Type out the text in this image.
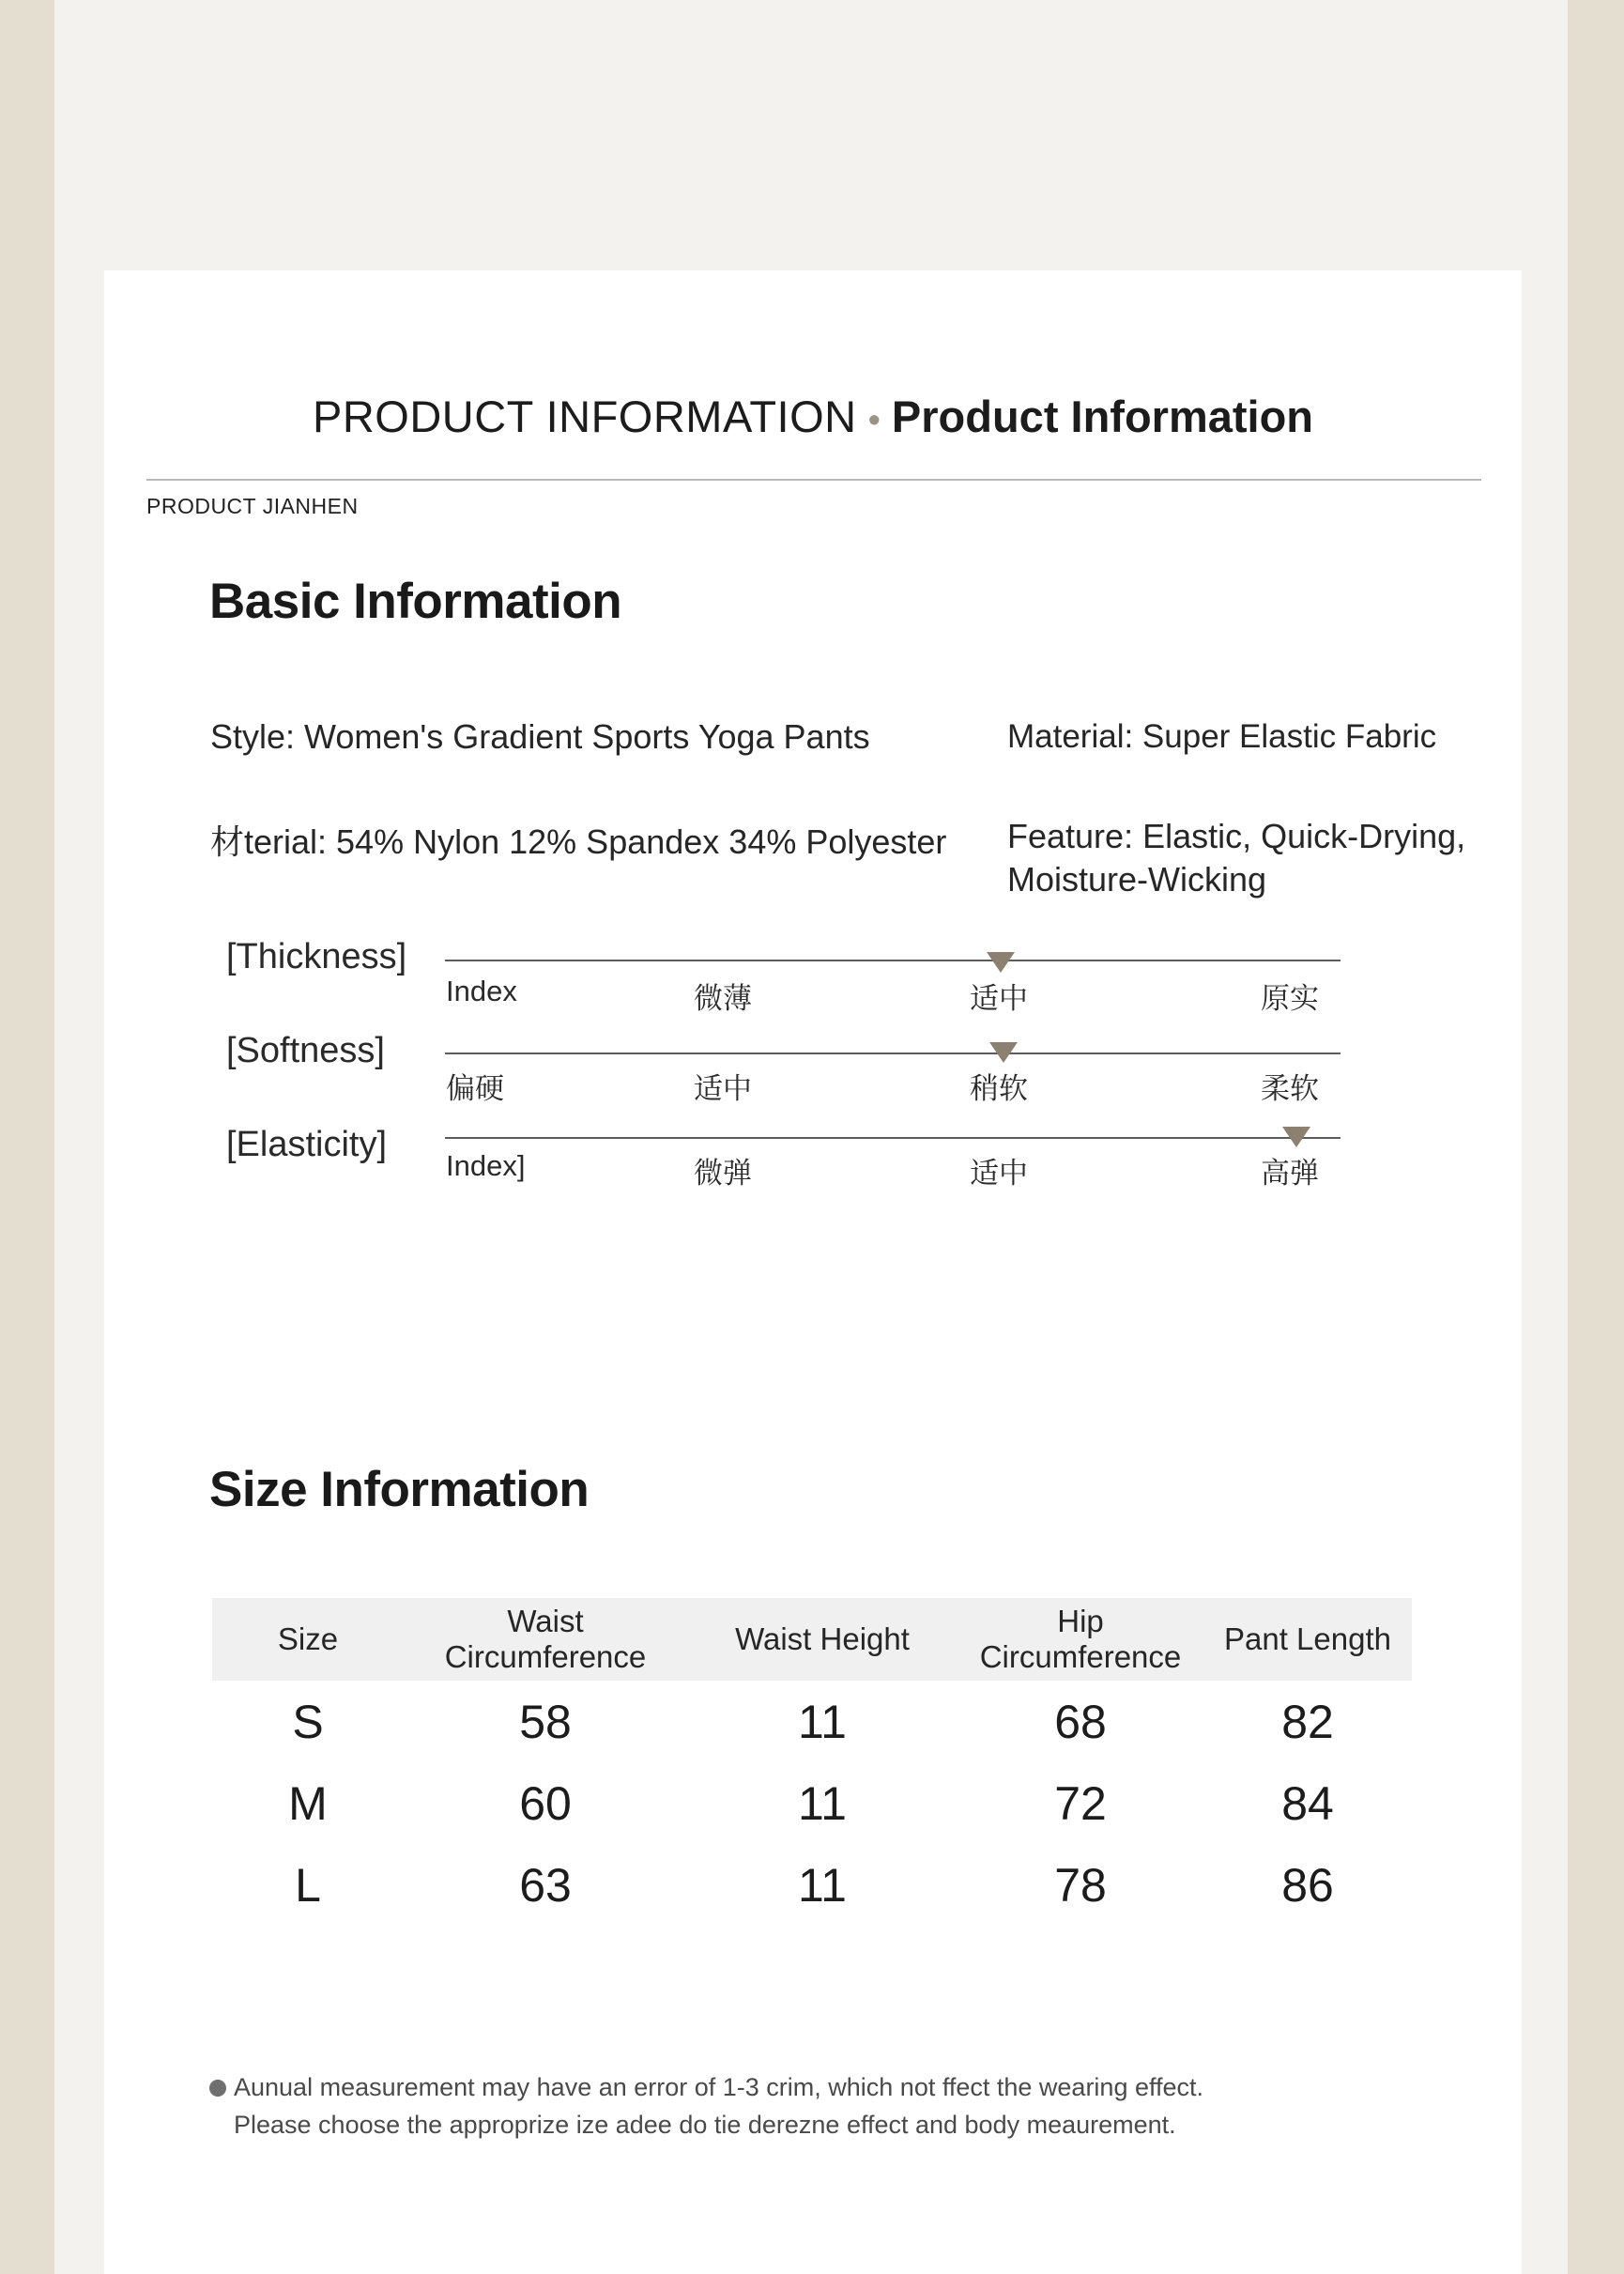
PRODUCT INFORMATION • Product Information
PRODUCT JIANHEN
Basic Information
Style: Women's Gradient Sports Yoga Pants	Material: Super Elastic Fabric
材terial: 54% Nylon 12% Spandex 34% Polyester Feature: Elastic, Quick-Drying,
Moisture-Wicking
[Thickness]
Index	微薄	适中	原实
[Softness]
偏硬	适中	稍软	柔软
[Elasticity]
Index]	微弹	适中	高弹
Size Information
Size	Waist Circumference	Waist Height	Hip Circumference	Pant Length
S	58	11	68	82
M	60	11	72	84
L	63	11	78	86
Aunual measurement may have an error of 1-3 crim, which not ffect the wearing effect.
Please choose the approprize ize adee do tie derezne effect and body meaurement.
